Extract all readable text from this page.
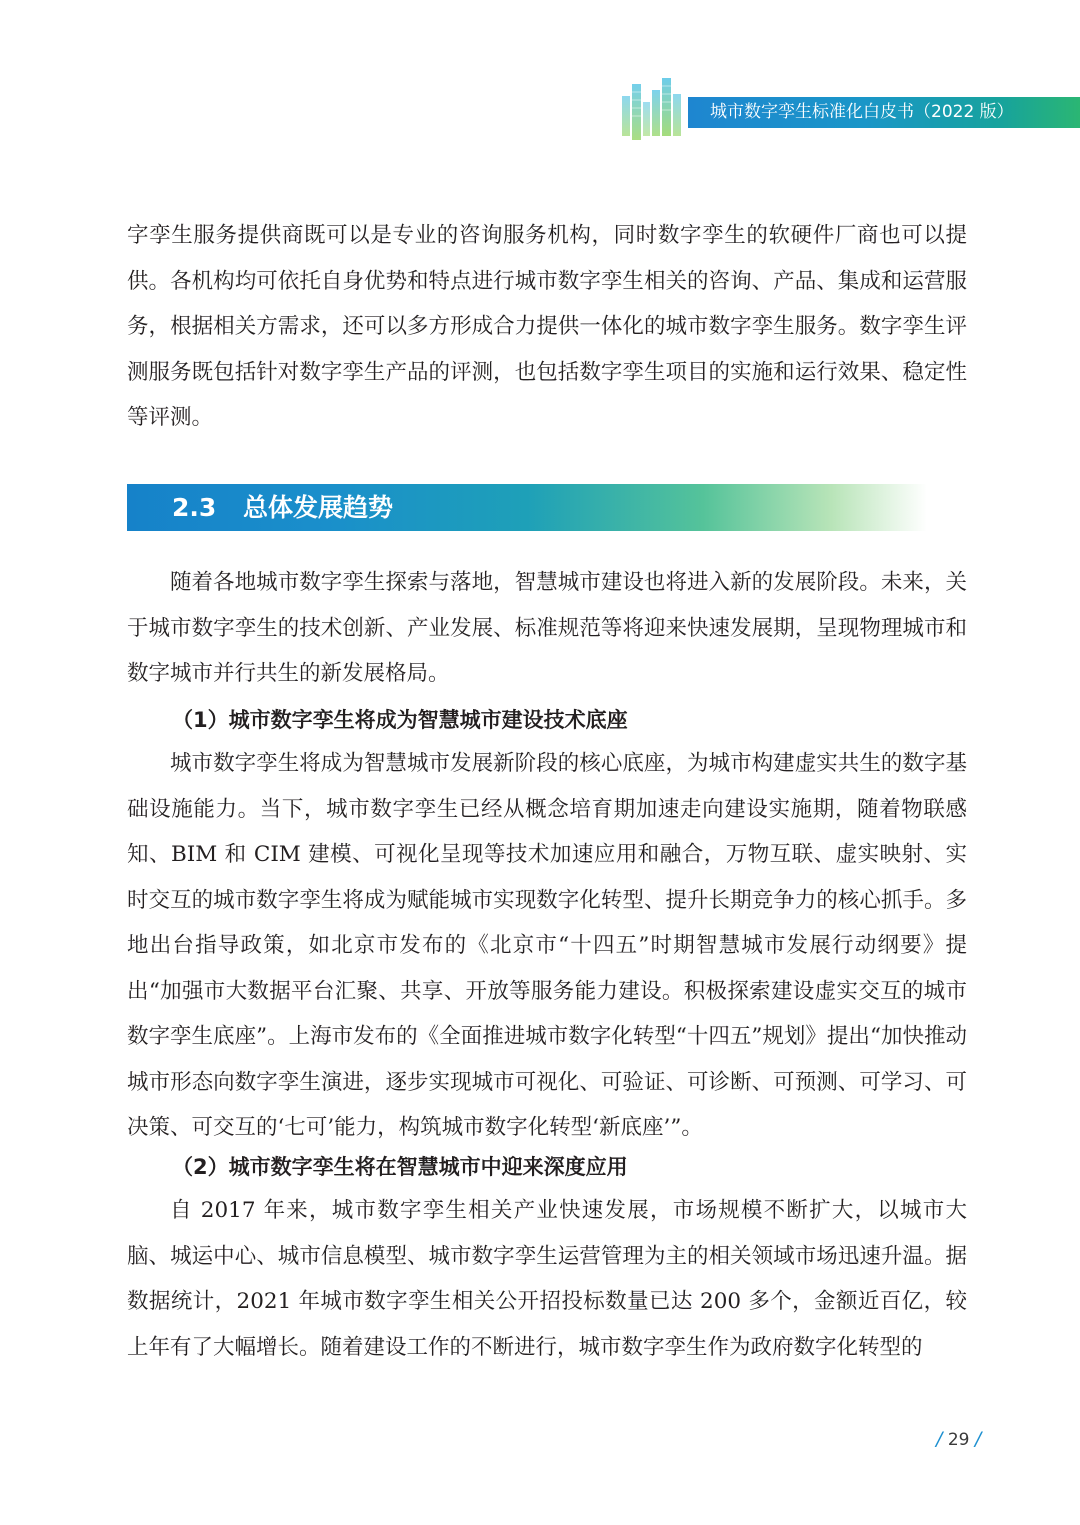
城市数字孪生标准化白皮书（2022 版）

字孪生服务提供商既可以是专业的咨询服务机构，同时数字孪生的软硬件厂商也可以提供。各机构均可依托自身优势和特点进行城市数字孪生相关的咨询、产品、集成和运营服务，根据相关方需求，还可以多方形成合力提供一体化的城市数字孪生服务。数字孪生评测服务既包括针对数字孪生产品的评测，也包括数字孪生项目的实施和运行效果、稳定性等评测。

2.3 总体发展趋势

随着各地城市数字孪生探索与落地，智慧城市建设也将进入新的发展阶段。未来，关于城市数字孪生的技术创新、产业发展、标准规范等将迎来快速发展期，呈现物理城市和数字城市并行共生的新发展格局。

（1）城市数字孪生将成为智慧城市建设技术底座

城市数字孪生将成为智慧城市发展新阶段的核心底座，为城市构建虚实共生的数字基础设施能力。当下，城市数字孪生已经从概念培育期加速走向建设实施期，随着物联感知、BIM 和 CIM 建模、可视化呈现等技术加速应用和融合，万物互联、虚实映射、实时交互的城市数字孪生将成为赋能城市实现数字化转型、提升长期竞争力的核心抓手。多地出台指导政策，如北京市发布的《北京市“十四五”时期智慧城市发展行动纲要》提出“加强市大数据平台汇聚、共享、开放等服务能力建设。积极探索建设虚实交互的城市数字孪生底座”。上海市发布的《全面推进城市数字化转型“十四五”规划》提出“加快推动城市形态向数字孪生演进，逐步实现城市可视化、可验证、可诊断、可预测、可学习、可决策、可交互的‘七可’能力，构筑城市数字化转型‘新底座’”。

（2）城市数字孪生将在智慧城市中迎来深度应用

自 2017 年来，城市数字孪生相关产业快速发展，市场规模不断扩大，以城市大脑、城运中心、城市信息模型、城市数字孪生运营管理为主的相关领域市场迅速升温。据数据统计，2021 年城市数字孪生相关公开招投标数量已达 200 多个，金额近百亿，较上年有了大幅增长。随着建设工作的不断进行，城市数字孪生作为政府数字化转型的

/ 29 /
